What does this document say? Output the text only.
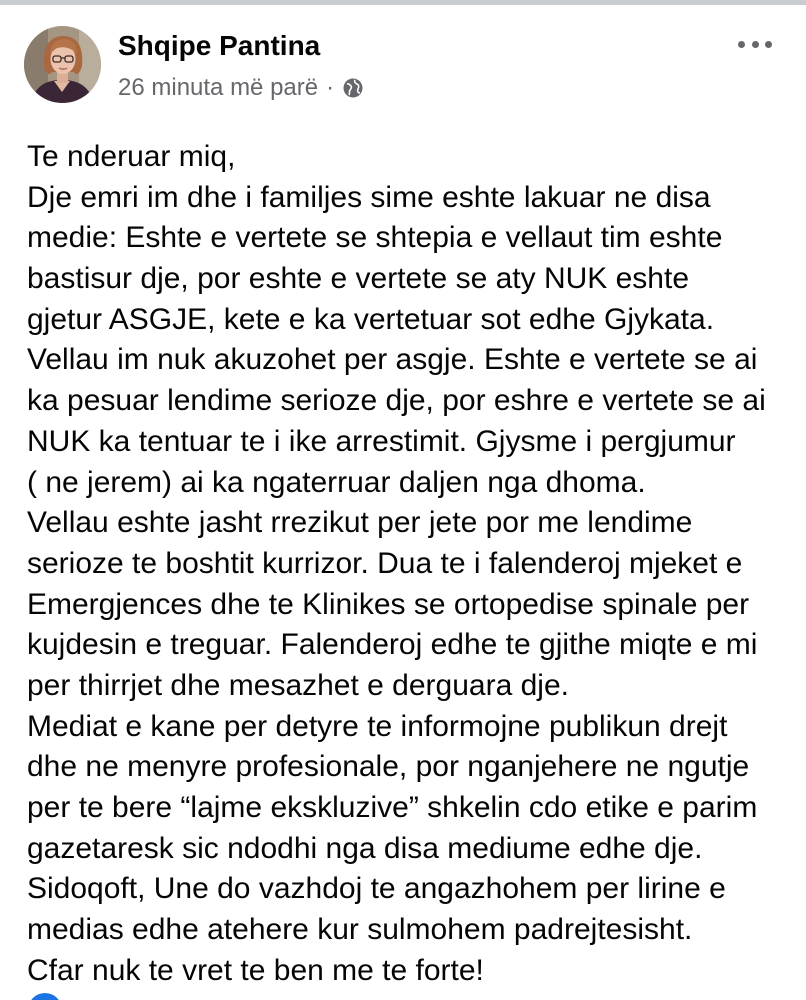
Shqipe Pantina
26 minuta më parë ·
Te nderuar miq,
Dje emri im dhe i familjes sime eshte lakuar ne disa
medie: Eshte e vertete se shtepia e vellaut tim eshte
bastisur dje, por eshte e vertete se aty NUK eshte
gjetur ASGJE, kete e ka vertetuar sot edhe Gjykata.
Vellau im nuk akuzohet per asgje. Eshte e vertete se ai
ka pesuar lendime serioze dje, por eshre e vertete se ai
NUK ka tentuar te i ike arrestimit. Gjysme i pergjumur
( ne jerem) ai ka ngaterruar daljen nga dhoma.
Vellau eshte jasht rrezikut per jete por me lendime
serioze te boshtit kurrizor. Dua te i falenderoj mjeket e
Emergjences dhe te Klinikes se ortopedise spinale per
kujdesin e treguar. Falenderoj edhe te gjithe miqte e mi
per thirrjet dhe mesazhet e derguara dje.
Mediat e kane per detyre te informojne publikun drejt
dhe ne menyre profesionale, por nganjehere ne ngutje
per te bere “lajme ekskluzive” shkelin cdo etike e parim
gazetaresk sic ndodhi nga disa mediume edhe dje.
Sidoqoft, Une do vazhdoj te angazhohem per lirine e
medias edhe atehere kur sulmohem padrejtesisht.
Cfar nuk te vret te ben me te forte!
